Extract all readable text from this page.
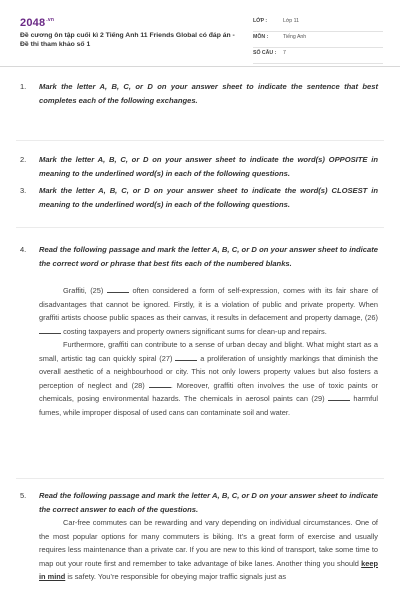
$2048^{.vn}$
Đề cương ôn tập cuối kì 2 Tiếng Anh 11 Friends Global có đáp án - Đề thi tham khảo số 1
LỚP :	Lớp 11
MÔN :	Tiếng Anh
SỐ CÂU : 7
1. Mark the letter A, B, C, or D on your answer sheet to indicate the sentence that best completes each of the following exchanges.
2. Mark the letter A, B, C, or D on your answer sheet to indicate the word(s) OPPOSITE in meaning to the underlined word(s) in each of the following questions.
3. Mark the letter A, B, C, or D on your answer sheet to indicate the word(s) CLOSEST in meaning to the underlined word(s) in each of the following questions.
4. Read the following passage and mark the letter A, B, C, or D on your answer sheet to indicate the correct word or phrase that best fits each of the numbered blanks.

Graffiti, (25)	often considered a form of self-expression, comes with its fair share of disadvantages that cannot be ignored. Firstly, it is a violation of public and private property. When graffiti artists choose public spaces as their canvas, it results in defacement and property damage, (26)  costing taxpayers and property owners significant sums for clean-up and repairs.

Furthermore, graffiti can contribute to a sense of urban decay and blight. What might start as a small, artistic tag can quickly spiral (27)	a proliferation of unsightly markings that diminish the overall aesthetic of a neighbourhood or city. This not only lowers property values but also fosters a perception of neglect and (28)	. Moreover, graffiti often involves the use of toxic paints or chemicals, posing environmental hazards. The chemicals in aerosol paints can (29)	harmful fumes, while improper disposal of used cans can contaminate soil and water.

5. Read the following passage and mark the letter A, B, C, or D on your answer sheet to indicate the correct answer to each of the questions.

Car-free commutes can be rewarding and vary depending on individual circumstances. One of the most popular options for many commuters is biking. It’s a great form of exercise and usually requires less maintenance than a private car. If you are new to this kind of transport, take some time to map out your route first and remember to take advantage of bike lanes. Another thing you should keep in mind is safety. You’re responsible for obeying major traffic signals just as
